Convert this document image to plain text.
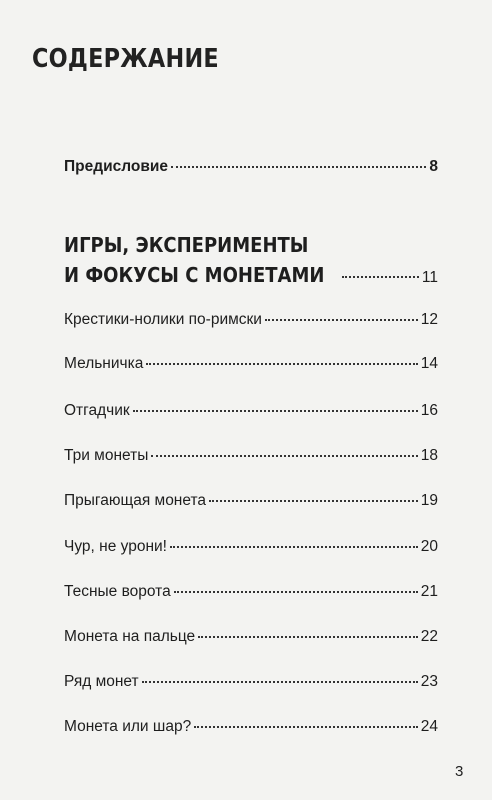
СОДЕРЖАНИЕ
Предисловие	8
ИГРЫ, ЭКСПЕРИМЕНТЫ
И ФОКУСЫ С МОНЕТАМИ	11
Крестики-нолики по-римски	12
Мельничка	14
Отгадчик	16
Три монеты	18
Прыгающая монета	19
Чур, не урони!	20
Тесные ворота	21
Монета на пальце	22
Ряд монет	23
Монета или шар?	24
3
